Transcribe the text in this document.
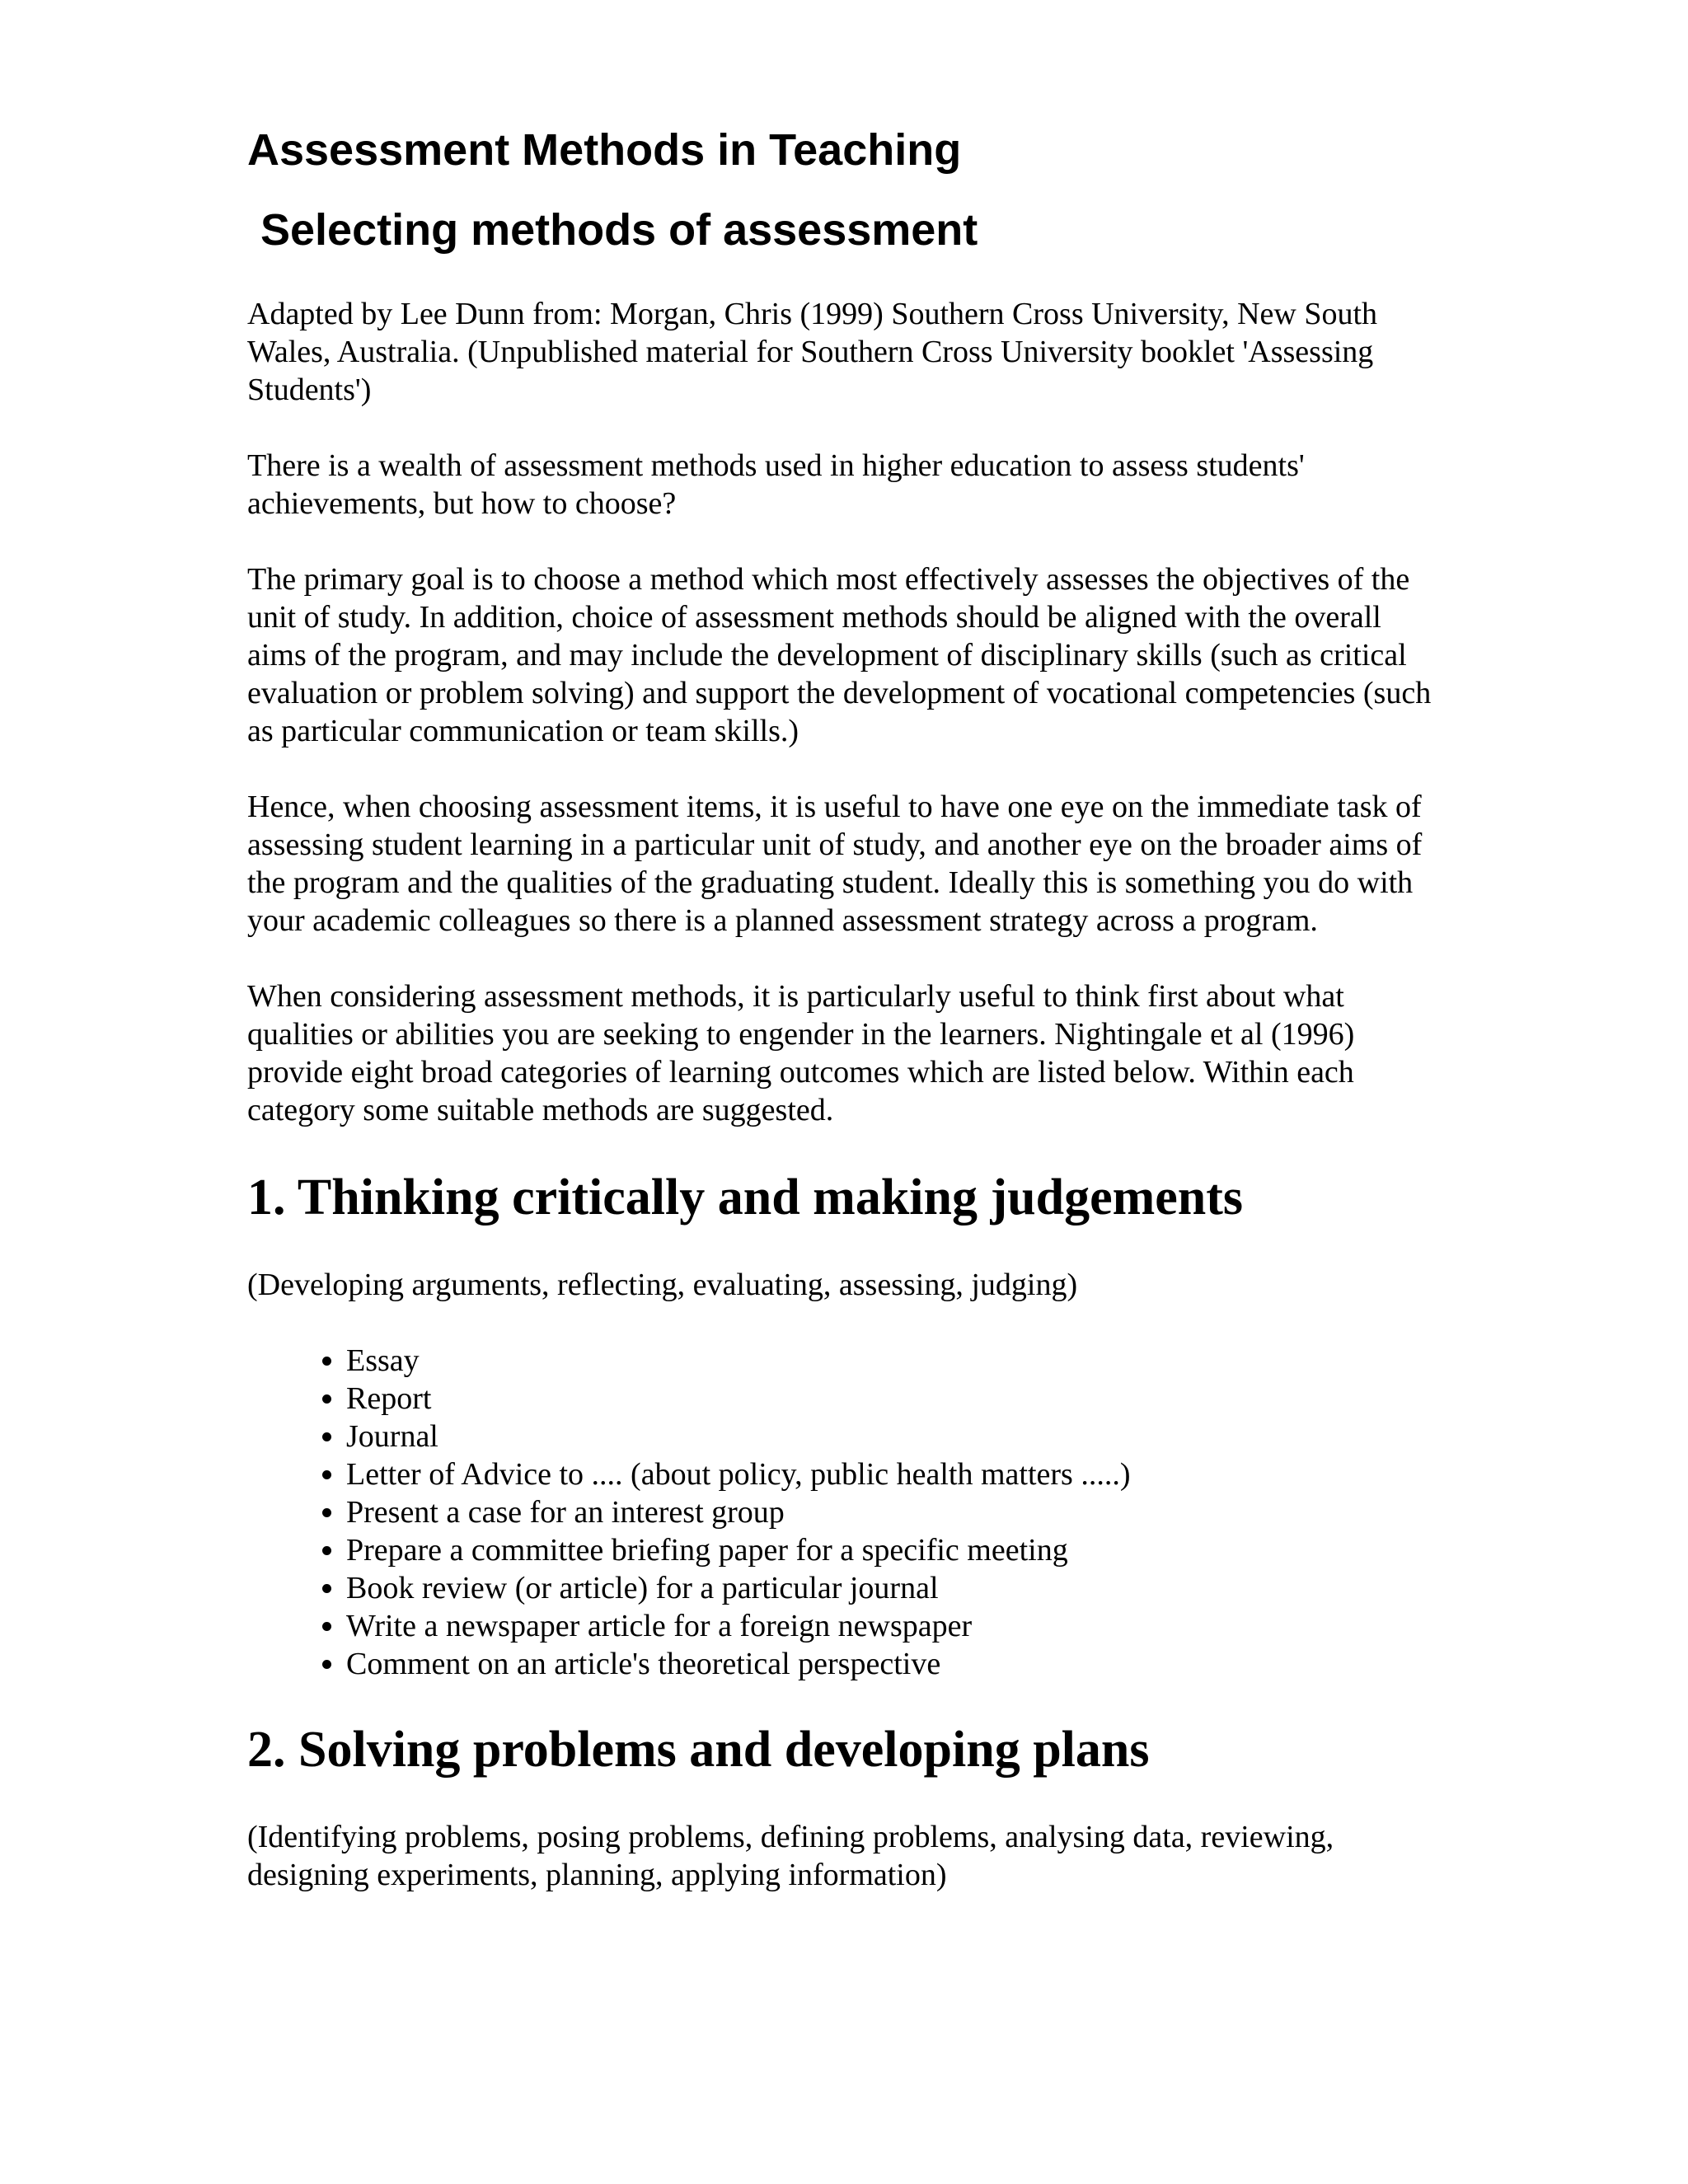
Assessment Methods in Teaching
Selecting methods of assessment

Adapted by Lee Dunn from: Morgan, Chris (1999) Southern Cross University, New South Wales, Australia. (Unpublished material for Southern Cross University booklet 'Assessing Students')

There is a wealth of assessment methods used in higher education to assess students' achievements, but how to choose?

The primary goal is to choose a method which most effectively assesses the objectives of the unit of study. In addition, choice of assessment methods should be aligned with the overall aims of the program, and may include the development of disciplinary skills (such as critical evaluation or problem solving) and support the development of vocational competencies (such as particular communication or team skills.)

Hence, when choosing assessment items, it is useful to have one eye on the immediate task of assessing student learning in a particular unit of study, and another eye on the broader aims of the program and the qualities of the graduating student. Ideally this is something you do with your academic colleagues so there is a planned assessment strategy across a program.

When considering assessment methods, it is particularly useful to think first about what qualities or abilities you are seeking to engender in the learners. Nightingale et al (1996) provide eight broad categories of learning outcomes which are listed below. Within each category some suitable methods are suggested.

1. Thinking critically and making judgements

(Developing arguments, reflecting, evaluating, assessing, judging)

• Essay
• Report
• Journal
• Letter of Advice to .... (about policy, public health matters .....)
• Present a case for an interest group
• Prepare a committee briefing paper for a specific meeting
• Book review (or article) for a particular journal
• Write a newspaper article for a foreign newspaper
• Comment on an article's theoretical perspective
2. Solving problems and developing plans

(Identifying problems, posing problems, defining problems, analysing data, reviewing, designing experiments, planning, applying information)
